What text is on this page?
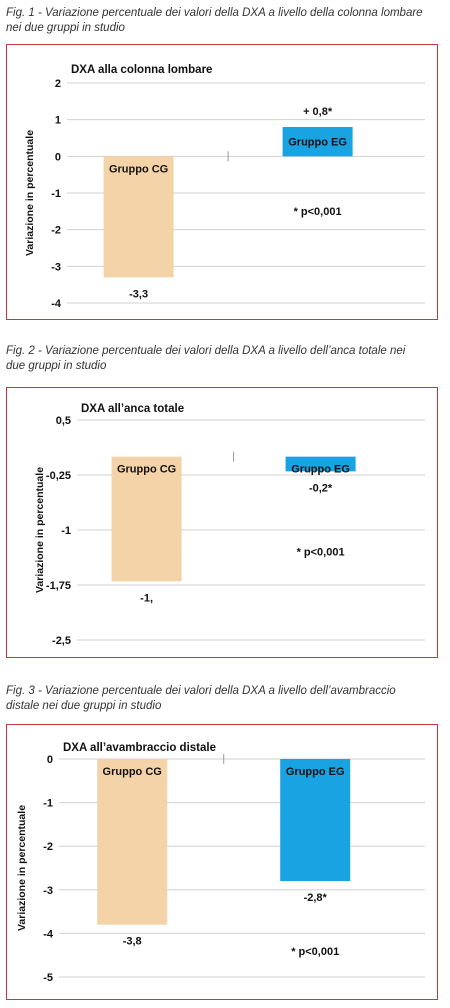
Fig. 1 - Variazione percentuale dei valori della DXA a livello della colonna lombare nei due gruppi in studio
2
1
0
-1
-2
-3
-4
DXA alla colonna lombare
Variazione in percentuale	Gruppo CG
-3,3
Gruppo EG
+ 0,8*
* p<0,001
Fig. 2 - Variazione percentuale dei valori della DXA a livello dell’anca totale nei due gruppi in studio
0,5
-0,25
-1
-1,75
-2,5
DXA all’anca totale
Variazione in percentuale	Gruppo CG
-1,
Gruppo EG
-0,2*
* p<0,001
Fig. 3 - Variazione percentuale dei valori della DXA a livello dell’avambraccio distale nei due gruppi in studio
0
-1
-2
-3
-4
-5
DXA all’avambraccio distale
Variazione in percentuale
Gruppo CG
-3,8
Gruppo EG
-2,8*
* p<0,001
